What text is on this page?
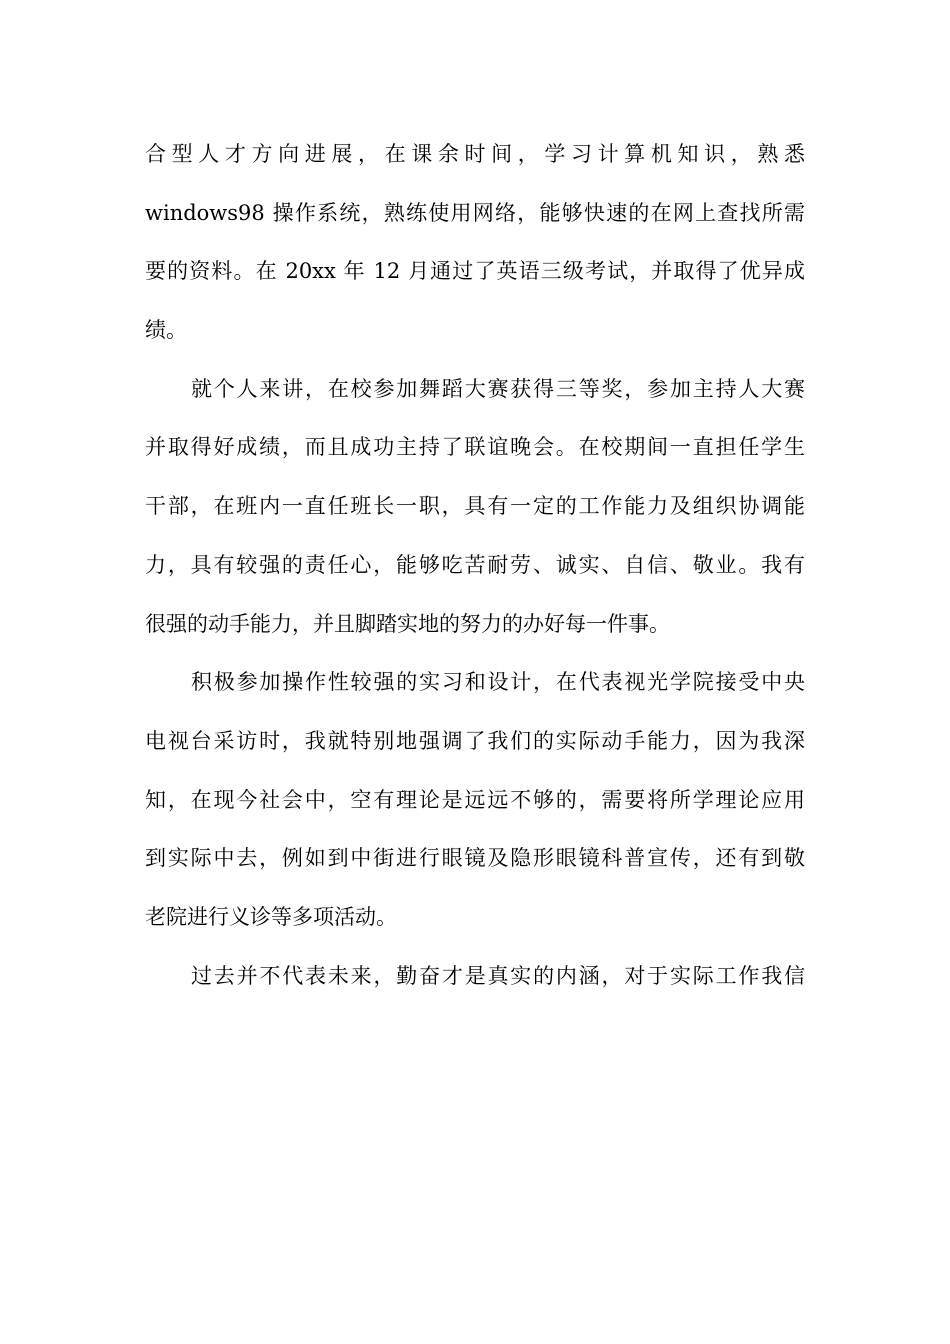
合型人才方向进展，在课余时间，学习计算机知识，熟悉
windows98 操作系统，熟练使用网络，能够快速的在网上查找所需
要的资料。在 20xx 年 12 月通过了英语三级考试，并取得了优异成
绩。
就个人来讲，在校参加舞蹈大赛获得三等奖，参加主持人大赛
并取得好成绩，而且成功主持了联谊晚会。在校期间一直担任学生
干部，在班内一直任班长一职，具有一定的工作能力及组织协调能
力，具有较强的责任心，能够吃苦耐劳、诚实、自信、敬业。我有
很强的动手能力，并且脚踏实地的努力的办好每一件事。
积极参加操作性较强的实习和设计，在代表视光学院接受中央
电视台采访时，我就特别地强调了我们的实际动手能力，因为我深
知，在现今社会中，空有理论是远远不够的，需要将所学理论应用
到实际中去，例如到中街进行眼镜及隐形眼镜科普宣传，还有到敬
老院进行义诊等多项活动。
过去并不代表未来，勤奋才是真实的内涵，对于实际工作我信
